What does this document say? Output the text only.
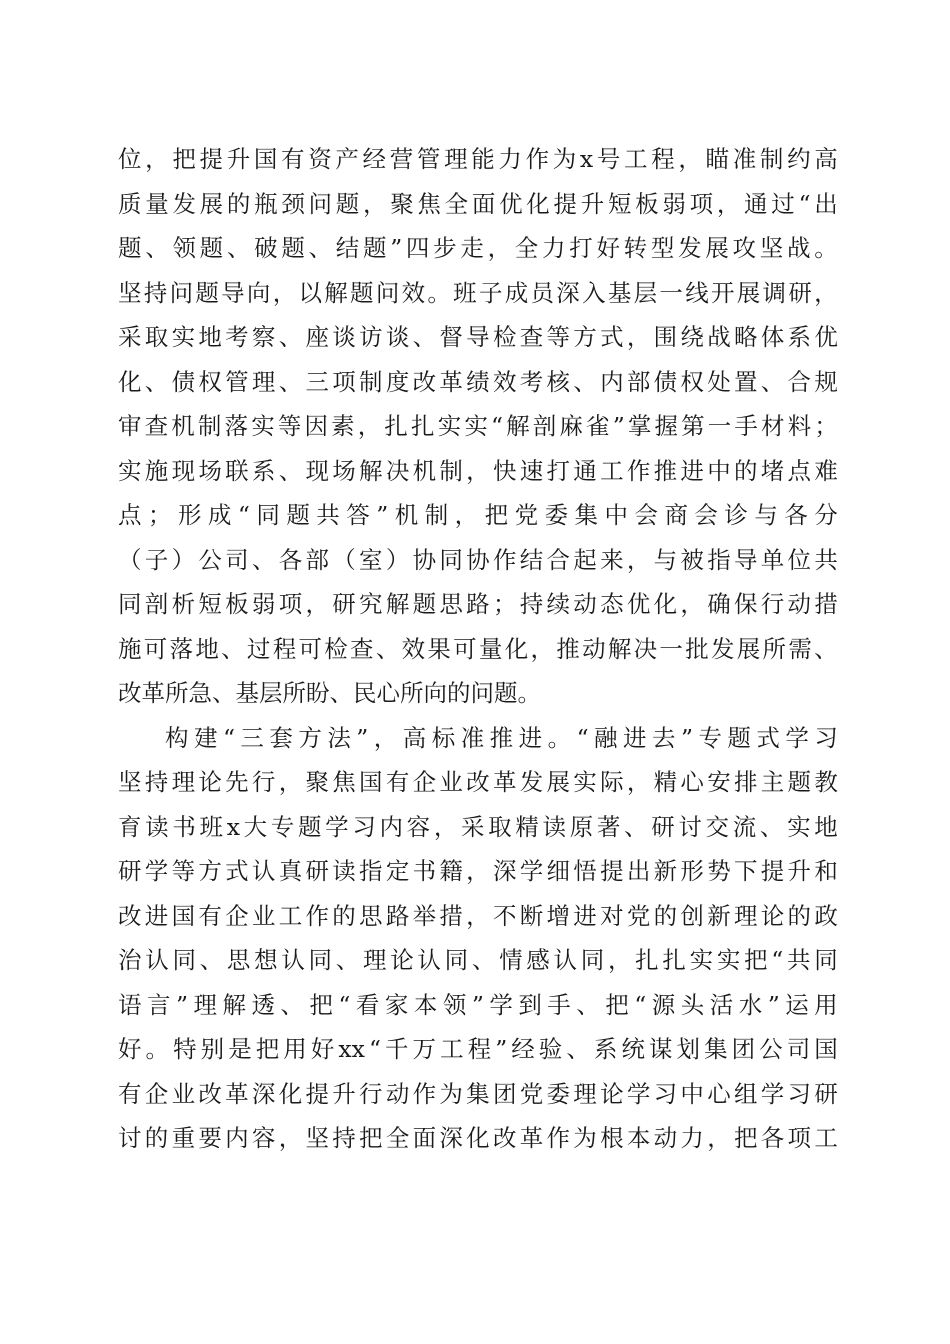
位 ， 把 提 升 国 有 资 产 经 营 管 理 能 力 作 为 x 号 工 程 ， 瞄 准 制 约 高
质 量 发 展 的 瓶 颈 问 题 ， 聚 焦 全 面 优 化 提 升 短 板 弱 项 ， 通 过 “ 出
题 、 领 题 、 破 题 、 结 题 ” 四 步 走 ， 全 力 打 好 转 型 发 展 攻 坚 战 。
坚 持 问 题 导 向 ， 以 解 题 问 效 。 班 子 成 员 深 入 基 层 一 线 开 展 调 研 ，
采 取 实 地 考 察 、 座 谈 访 谈 、 督 导 检 查 等 方 式 ， 围 绕 战 略 体 系 优
化 、 债 权 管 理 、 三 项 制 度 改 革 绩 效 考 核 、 内 部 债 权 处 置 、 合 规
审 查 机 制 落 实 等 因 素 ， 扎 扎 实 实 “ 解 剖 麻 雀 ” 掌 握 第 一 手 材 料 ；
实 施 现 场 联 系 、 现 场 解 决 机 制 ， 快 速 打 通 工 作 推 进 中 的 堵 点 难
点 ； 形 成 “ 同 题 共 答 ” 机 制 ， 把 党 委 集 中 会 商 会 诊 与 各 分
（ 子 ） 公 司 、 各 部 （ 室 ） 协 同 协 作 结 合 起 来 ， 与 被 指 导 单 位 共
同 剖 析 短 板 弱 项 ， 研 究 解 题 思 路 ； 持 续 动 态 优 化 ， 确 保 行 动 措
施 可 落 地 、 过 程 可 检 查 、 效 果 可 量 化 ， 推 动 解 决 一 批 发 展 所 需 、
改革所急、基层所盼、民心所向的问题。
构 建 “ 三 套 方 法 ” ， 高 标 准 推 进 。 “ 融 进 去 ” 专 题 式 学 习
坚 持 理 论 先 行 ， 聚 焦 国 有 企 业 改 革 发 展 实 际 ， 精 心 安 排 主 题 教
育 读 书 班 x 大 专 题 学 习 内 容 ， 采 取 精 读 原 著 、 研 讨 交 流 、 实 地
研 学 等 方 式 认 真 研 读 指 定 书 籍 ， 深 学 细 悟 提 出 新 形 势 下 提 升 和
改 进 国 有 企 业 工 作 的 思 路 举 措 ， 不 断 增 进 对 党 的 创 新 理 论 的 政
治 认 同 、 思 想 认 同 、 理 论 认 同 、 情 感 认 同 ， 扎 扎 实 实 把 “ 共 同
语 言 ” 理 解 透 、 把 “ 看 家 本 领 ” 学 到 手 、 把 “ 源 头 活 水 ” 运 用
好 。 特 别 是 把 用 好 xx “ 千 万 工 程 ” 经 验 、 系 统 谋 划 集 团 公 司 国
有 企 业 改 革 深 化 提 升 行 动 作 为 集 团 党 委 理 论 学 习 中 心 组 学 习 研
讨 的 重 要 内 容 ， 坚 持 把 全 面 深 化 改 革 作 为 根 本 动 力 ， 把 各 项 工
